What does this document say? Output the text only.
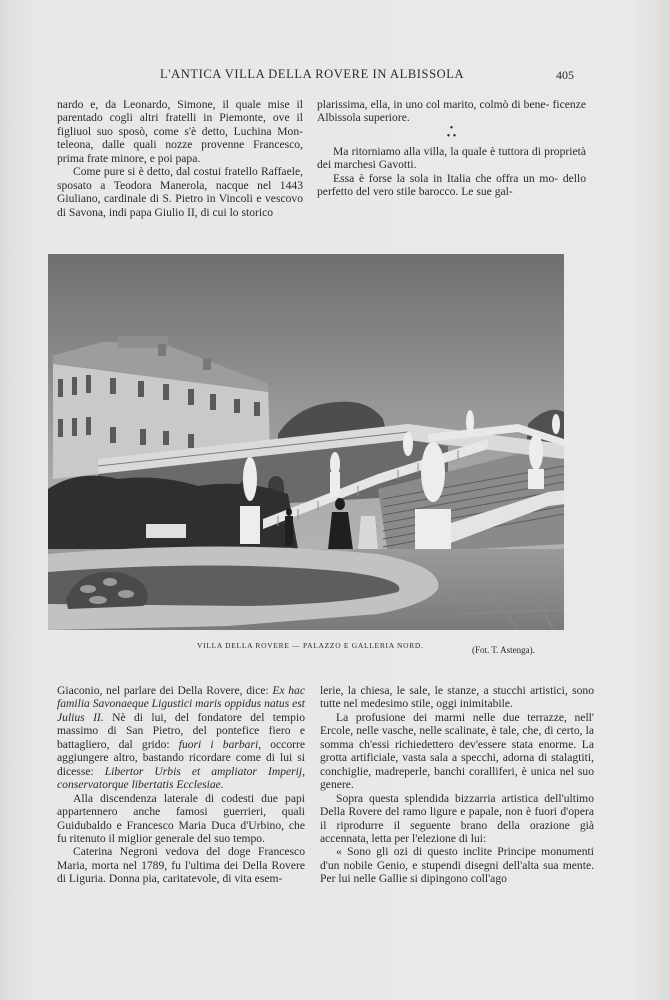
L'ANTICA VILLA DELLA ROVERE IN ALBISSOLA	405

nardo e, da Leonardo, Simone, il quale mise il parentado cogli altri fratelli in Piemonte, ove il figliuol suo sposò, come s'è detto, Luchina Mon- teleona, dalle quali nozze provenne Francesco, prima frate minore, e poi papa.

Come pure si è detto, dal costui fratello Raffaele, sposato a Teodora Manerola, nacque nel 1443 Giuliano, cardinale di S. Pietro in Vincoli e vescovo di Savona, indi papa Giulio II, di cui lo storico

plarissima, ella, in uno col marito, colmò di bene- ficenze Albissola superiore.

•
• •

Ma ritorniamo alla villa, la quale è tuttora di proprietà dei marchesi Gavotti.

Essa è forse la sola in Italia che offra un mo- dello perfetto del vero stile barocco. Le sue gal-

VILLA DELLA ROVERE — PALAZZO E GALLERIA NORD.	(Fot. T. Astenga).

Giaconio, nel parlare dei Della Rovere, dice: Ex hac familia Savonaeque Ligustici maris oppidus natus est Julius II. Nè di lui, del fondatore del tempio massimo di San Pietro, del pontefice fiero e battagliero, dal grido: fuori i barbari, occorre aggiungere altro, bastando ricordare come di lui si dicesse: Libertor Urbis et ampliator Imperij, conservatorque libertatis Ecclesiae.

Alla discendenza laterale di codesti due papi appartennero anche famosi guerrieri, quali Guidubaldo e Francesco Maria Duca d'Urbino, che fu ritenuto il miglior generale del suo tempo.

Caterina Negroni vedova del doge Francesco Maria, morta nel 1789, fu l'ultima dei Della Rovere di Liguria. Donna pia, caritatevole, di vita esem-

lerie, la chiesa, le sale, le stanze, a stucchi artistici, sono tutte nel medesimo stile, oggi inimitabile.

La profusione dei marmi nelle due terrazze, nell' Ercole, nelle vasche, nelle scalinate, è tale, che, di certo, la somma ch'essi richiedettero dev'essere stata enorme. La grotta artificiale, vasta sala a specchi, adorna di stalagtiti, conchiglie, madreperle, banchi coralliferi, è unica nel suo genere.

Sopra questa splendida bizzarria artistica dell'ultimo Della Rovere del ramo ligure e papale, non è fuori d'opera il riprodurre il seguente brano della orazione già accennata, letta per l'elezione di lui:

« Sono gli ozi di questo inclite Principe monumenti d'un nobile Genio, e stupendi disegni dell'alta sua mente. Per lui nelle Gallie si dipingono coll'ago
